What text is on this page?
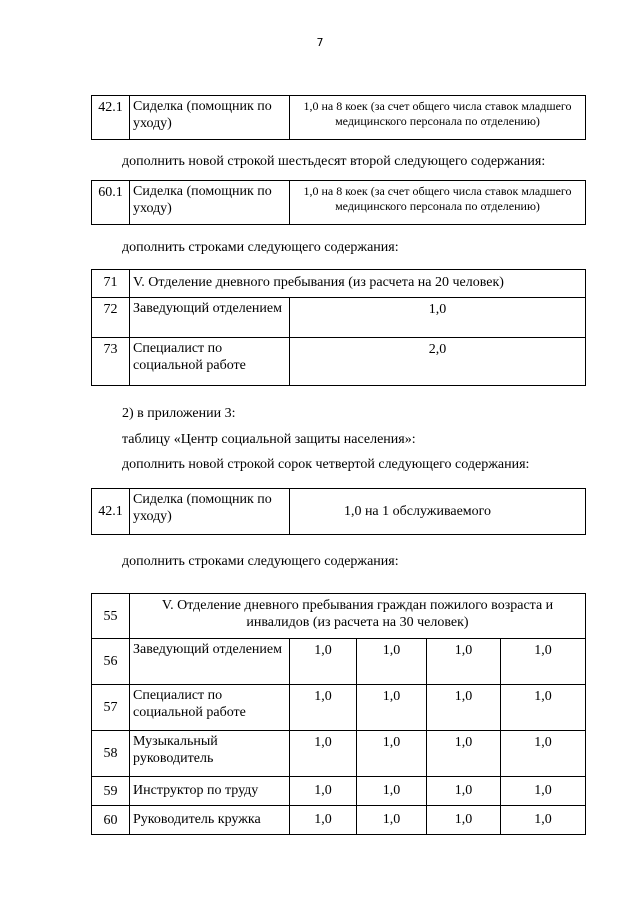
7
42.1	Сиделка (помощник по уходу)	1,0 на 8 коек (за счет общего числа ставок младшего медицинского персонала по отделению)
дополнить новой строкой шестьдесят второй следующего содержания:
60.1	Сиделка (помощник по уходу)	1,0 на 8 коек (за счет общего числа ставок младшего медицинского персонала по отделению)
дополнить строками следующего содержания:
71	V. Отделение дневного пребывания (из расчета на 20 человек)	
72	Заведующий отделением	1,0
73	Специалист по социальной работе	2,0
2) в приложении 3:
таблицу «Центр социальной защиты населения»:
дополнить новой строкой сорок четвертой следующего содержания:
42.1	Сиделка (помощник по уходу)	1,0 на 1 обслуживаемого
дополнить строками следующего содержания:
55	V. Отделение дневного пребывания граждан пожилого возраста и инвалидов (из расчета на 30 человек)				
56	Заведующий отделением	1,0	1,0	1,0	1,0
57	Специалист по социальной работе	1,0	1,0	1,0	1,0
58	Музыкальный руководитель	1,0	1,0	1,0	1,0
59	Инструктор по труду	1,0	1,0	1,0	1,0
60	Руководитель кружка	1,0	1,0	1,0	1,0
